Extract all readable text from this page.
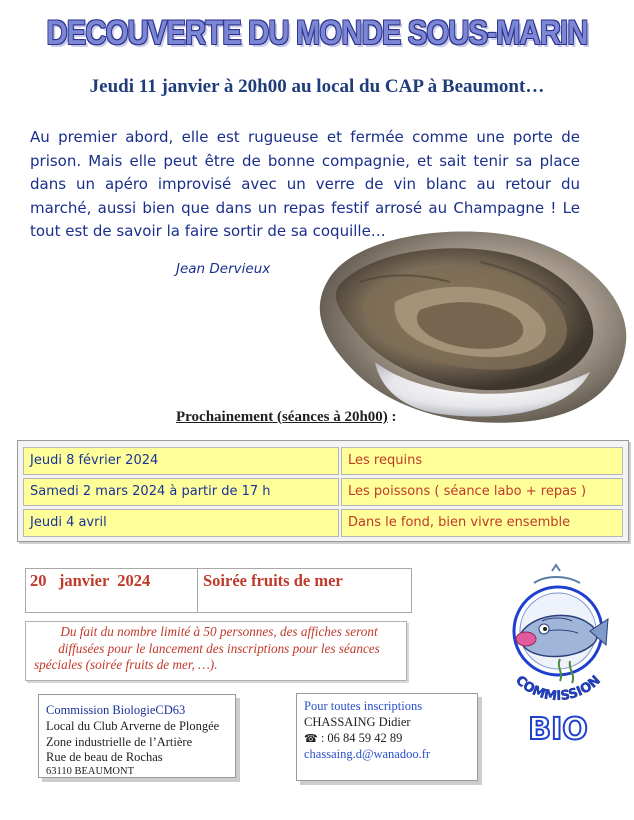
DECOUVERTE DU MONDE SOUS-MARIN
Jeudi 11 janvier à 20h00 au local du CAP à Beaumont…
Au premier abord, elle est rugueuse et fermée comme une porte de
prison. Mais elle peut être de bonne compagnie, et sait tenir sa place
dans un apéro improvisé avec un verre de vin blanc au retour du
marché, aussi bien que dans un repas festif arrosé au Champagne ! Le
tout est de savoir la faire sortir de sa coquille…
Jean Dervieux
Prochainement (séances à 20h00) :
Jeudi 8 février 2024	Les requins
Samedi 2 mars 2024 à partir de 17 h	Les poissons ( séance labo + repas )
Jeudi 4 avril	Dans le fond, bien vivre ensemble
20   janvier  2024	Soirée fruits de mer
Du fait du nombre limité à 50 personnes, des affiches seront
diffusées pour le lancement des inscriptions pour les séances
spéciales (soirée fruits de mer, …).
Commission BiologieCD63
Local du Club Arverne de Plongée
Zone industrielle de l’Artière
Rue de beau de Rochas
63110 BEAUMONT
Pour toutes inscriptions
CHASSAING Didier
☎ : 06 84 59 42 89
chassaing.d@wanadoo.fr
COMMISSION
BIO
